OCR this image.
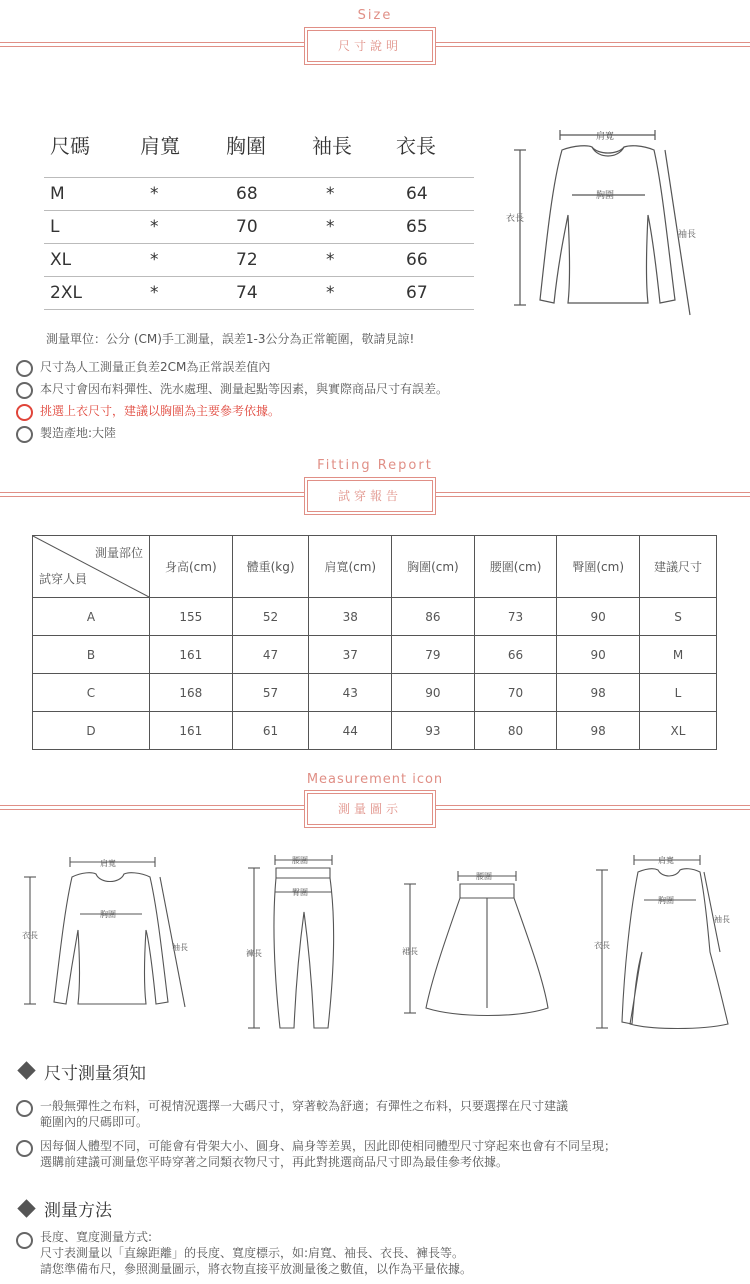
Size
尺寸說明
尺碼	肩寬 胸圍 袖長 衣長
M	*	68	*	64
L	*	70	*	65
XL	*	72	*	66
2XL	*	74	*	67
肩寬
胸圍
衣長
袖長
測量單位：公分 (CM)手工測量，誤差1-3公分為正常範圍，敬請見諒!
尺寸為人工測量正負差2CM為正常誤差值內
本尺寸會因布料彈性、洗水處理、測量起點等因素，與實際商品尺寸有誤差。
挑選上衣尺寸，建議以胸圍為主要參考依據。
製造產地:大陸
Fitting Report
試穿報告
測量部位
試穿人員	身高(cm)	體重(kg)	肩寬(cm)	胸圍(cm)	腰圍(cm)	臀圍(cm)	建議尺寸
A	155	52	38	86	73	90	S
B	161	47	37	79	66	90	M
C	168	57	43	90	70	98	L
D	161	61	44	93	80	98	XL
Measurement icon
測量圖示
肩寬
胸圍
衣長
袖長
腰圍
臀圍
褲長
腰圍
裙長
肩寬
胸圍
衣長
袖長
尺寸測量須知
一般無彈性之布料，可視情況選擇一大碼尺寸，穿著較為舒適；有彈性之布料，只要選擇在尺寸建議
範圍內的尺碼即可。
因每個人體型不同，可能會有骨架大小、圓身、扁身等差異，因此即使相同體型尺寸穿起來也會有不同呈現；
選購前建議可測量您平時穿著之同類衣物尺寸，再此對挑選商品尺寸即為最佳參考依據。
測量方法
長度、寬度測量方式:
尺寸表測量以「直線距離」的長度、寬度標示，如:肩寬、袖長、衣長、褲長等。
請您準備布尺，參照測量圖示，將衣物直接平放測量後之數值，以作為平量依據。
